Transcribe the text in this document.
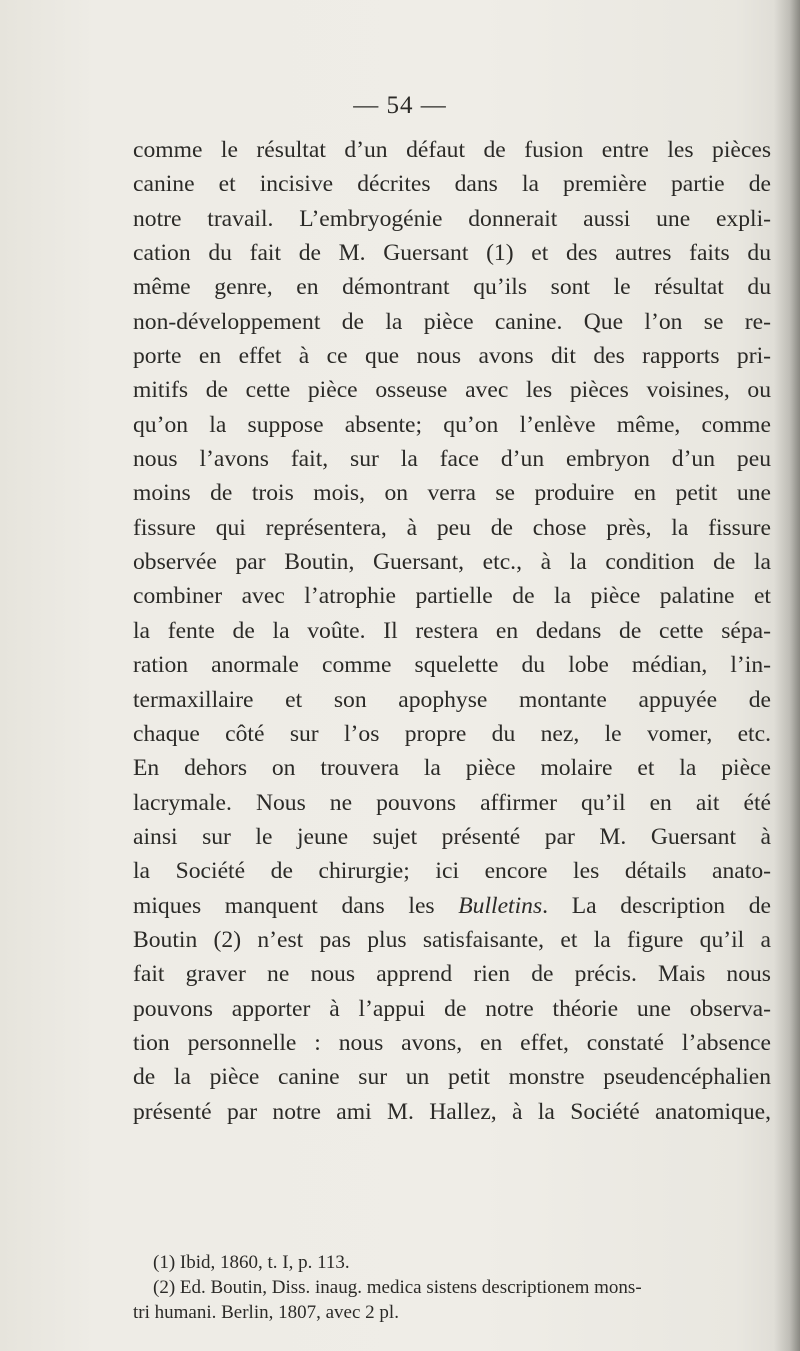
— 54 —
comme le résultat d’un défaut de fusion entre les pièces
canine et incisive décrites dans la première partie de
notre travail. L’embryogénie donnerait aussi une expli-
cation du fait de M. Guersant (1) et des autres faits du
même genre, en démontrant qu’ils sont le résultat du
non-développement de la pièce canine. Que l’on se re-
porte en effet à ce que nous avons dit des rapports pri-
mitifs de cette pièce osseuse avec les pièces voisines, ou
qu’on la suppose absente; qu’on l’enlève même, comme
nous l’avons fait, sur la face d’un embryon d’un peu
moins de trois mois, on verra se produire en petit une
fissure qui représentera, à peu de chose près, la fissure
observée par Boutin, Guersant, etc., à la condition de la
combiner avec l’atrophie partielle de la pièce palatine et
la fente de la voûte. Il restera en dedans de cette sépa-
ration anormale comme squelette du lobe médian, l’in-
termaxillaire et son apophyse montante appuyée de
chaque côté sur l’os propre du nez, le vomer, etc.
En dehors on trouvera la pièce molaire et la pièce
lacrymale. Nous ne pouvons affirmer qu’il en ait été
ainsi sur le jeune sujet présenté par M. Guersant à
la Société de chirurgie; ici encore les détails anato-
miques manquent dans les Bulletins. La description de
Boutin (2) n’est pas plus satisfaisante, et la figure qu’il a
fait graver ne nous apprend rien de précis. Mais nous
pouvons apporter à l’appui de notre théorie une observa-
tion personnelle : nous avons, en effet, constaté l’absence
de la pièce canine sur un petit monstre pseudencéphalien
présenté par notre ami M. Hallez, à la Société anatomique,
(1) Ibid, 1860, t. I, p. 113.
(2) Ed. Boutin, Diss. inaug. medica sistens descriptionem mons-
tri humani. Berlin, 1807, avec 2 pl.
